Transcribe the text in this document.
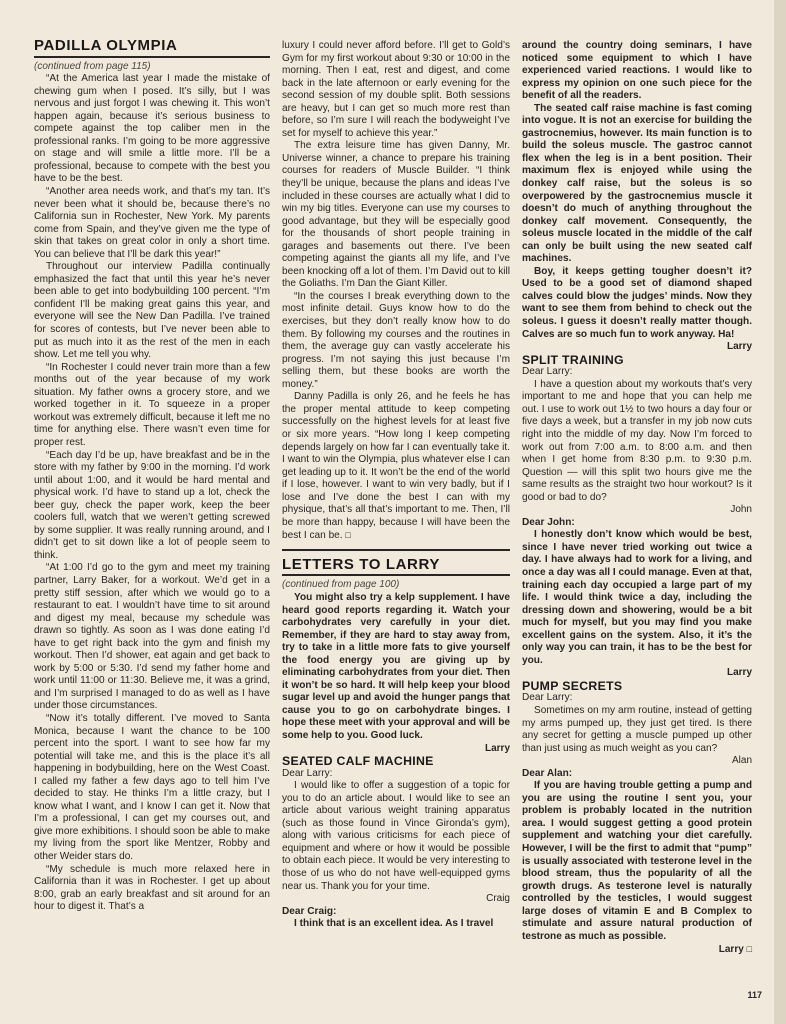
PADILLA OLYMPIA

(continued from page 115)

“At the America last year I made the mistake of chewing gum when I posed. It’s silly, but I was nervous and just forgot I was chewing it. This won’t happen again, because it’s serious business to compete against the top caliber men in the professional ranks. I’m going to be more aggressive on stage and will smile a little more. I’ll be a professional, because to compete with the best you have to be the best.

“Another area needs work, and that’s my tan. It’s never been what it should be, because there’s no California sun in Rochester, New York. My parents come from Spain, and they’ve given me the type of skin that takes on great color in only a short time. You can believe that I’ll be dark this year!”

Throughout our interview Padilla continually emphasized the fact that until this year he’s never been able to get into bodybuilding 100 percent. “I’m confident I’ll be making great gains this year, and everyone will see the New Dan Padilla. I’ve trained for scores of contests, but I’ve never been able to put as much into it as the rest of the men in each show. Let me tell you why.

“In Rochester I could never train more than a few months out of the year because of my work situation. My father owns a grocery store, and we worked together in it. To squeeze in a proper workout was extremely difficult, because it left me no time for anything else. There wasn’t even time for proper rest.

“Each day I’d be up, have breakfast and be in the store with my father by 9:00 in the morning. I’d work until about 1:00, and it would be hard mental and physical work. I’d have to stand up a lot, check the beer guy, check the paper work, keep the beer coolers full, watch that we weren’t getting screwed by some supplier. It was really running around, and I didn’t get to sit down like a lot of people seem to think.

“At 1:00 I’d go to the gym and meet my training partner, Larry Baker, for a workout. We’d get in a pretty stiff session, after which we would go to a restaurant to eat. I wouldn’t have time to sit around and digest my meal, because my schedule was drawn so tightly. As soon as I was done eating I’d have to get right back into the gym and finish my workout. Then I’d shower, eat again and get back to work by 5:00 or 5:30. I’d send my father home and work until 11:00 or 11:30. Believe me, it was a grind, and I’m surprised I managed to do as well as I have under those circumstances.

“Now it’s totally different. I’ve moved to Santa Monica, because I want the chance to be 100 percent into the sport. I want to see how far my potential will take me, and this is the place it’s all happening in bodybuilding, here on the West Coast. I called my father a few days ago to tell him I’ve decided to stay. He thinks I’m a little crazy, but I know what I want, and I know I can get it. Now that I’m a professional, I can get my courses out, and give more exhibitions. I should soon be able to make my living from the sport like Mentzer, Robby and other Weider stars do.

“My schedule is much more relaxed here in California than it was in Rochester. I get up about 8:00, grab an early breakfast and sit around for an hour to digest it. That’s a

luxury I could never afford before. I’ll get to Gold’s Gym for my first workout about 9:30 or 10:00 in the morning. Then I eat, rest and digest, and come back in the late afternoon or early evening for the second session of my double split. Both sessions are heavy, but I can get so much more rest than before, so I’m sure I will reach the bodyweight I’ve set for myself to achieve this year.”

The extra leisure time has given Danny, Mr. Universe winner, a chance to prepare his training courses for readers of Muscle Builder. “I think they’ll be unique, because the plans and ideas I’ve included in these courses are actually what I did to win my big titles. Everyone can use my courses to good advantage, but they will be especially good for the thousands of short people training in garages and basements out there. I’ve been competing against the giants all my life, and I’ve been knocking off a lot of them. I’m David out to kill the Goliaths. I’m Dan the Giant Killer.

“In the courses I break everything down to the most infinite detail. Guys know how to do the exercises, but they don’t really know how to do them. By following my courses and the routines in them, the average guy can vastly accelerate his progress. I’m not saying this just because I’m selling them, but these books are worth the money.”

Danny Padilla is only 26, and he feels he has the proper mental attitude to keep competing successfully on the highest levels for at least five or six more years. “How long I keep competing depends largely on how far I can eventually take it. I want to win the Olympia, plus whatever else I can get leading up to it. It won’t be the end of the world if I lose, however. I want to win very badly, but if I lose and I’ve done the best I can with my physique, that’s all that’s important to me. Then, I’ll be more than happy, because I will have been the best I can be. □

LETTERS TO LARRY

(continued from page 100)

You might also try a kelp supplement. I have heard good reports regarding it. Watch your carbohydrates very carefully in your diet. Remember, if they are hard to stay away from, try to take in a little more fats to give yourself the food energy you are giving up by eliminating carbohydrates from your diet. Then it won’t be so hard. It will help keep your blood sugar level up and avoid the hunger pangs that cause you to go on carbohydrate binges. I hope these meet with your approval and will be some help to you. Good luck.

Larry

SEATED CALF MACHINE

Dear Larry:

I would like to offer a suggestion of a topic for you to do an article about. I would like to see an article about various weight training apparatus (such as those found in Vince Gironda’s gym), along with various criticisms for each piece of equipment and where or how it would be possible to obtain each piece. It would be very interesting to those of us who do not have well-equipped gyms near us. Thank you for your time.

Craig

Dear Craig:

I think that is an excellent idea. As I travel

around the country doing seminars, I have noticed some equipment to which I have experienced varied reactions. I would like to express my opinion on one such piece for the benefit of all the readers.

The seated calf raise machine is fast coming into vogue. It is not an exercise for building the gastrocnemius, however. Its main function is to build the soleus muscle. The gastroc cannot flex when the leg is in a bent position. Their maximum flex is enjoyed while using the donkey calf raise, but the soleus is so overpowered by the gastrocnemius muscle it doesn’t do much of anything throughout the donkey calf movement. Consequently, the soleus muscle located in the middle of the calf can only be built using the new seated calf machines.

Boy, it keeps getting tougher doesn’t it? Used to be a good set of diamond shaped calves could blow the judges’ minds. Now they want to see them from behind to check out the soleus. I guess it doesn’t really matter though. Calves are so much fun to work anyway. Ha!

Larry

SPLIT TRAINING

Dear Larry:

I have a question about my workouts that’s very important to me and hope that you can help me out. I use to work out 1½ to two hours a day four or five days a week, but a transfer in my job now cuts right into the middle of my day. Now I’m forced to work out from 7:00 a.m. to 8:00 a.m. and then when I get home from 8:30 p.m. to 9:30 p.m. Question — will this split two hours give me the same results as the straight two hour workout? Is it good or bad to do?

John

Dear John:

I honestly don’t know which would be best, since I have never tried working out twice a day. I have always had to work for a living, and once a day was all I could manage. Even at that, training each day occupied a large part of my life. I would think twice a day, including the dressing down and showering, would be a bit much for myself, but you may find you make excellent gains on the system. Also, it it’s the only way you can train, it has to be the best for you.

Larry

PUMP SECRETS

Dear Larry:

Sometimes on my arm routine, instead of getting my arms pumped up, they just get tired. Is there any secret for getting a muscle pumped up other than just using as much weight as you can?

Alan

Dear Alan:

If you are having trouble getting a pump and you are using the routine I sent you, your problem is probably located in the nutrition area. I would suggest getting a good protein supplement and watching your diet carefully. However, I will be the first to admit that “pump” is usually associated with testerone level in the blood stream, thus the popularity of all the growth drugs. As testerone level is naturally controlled by the testicles, I would suggest large doses of vitamin E and B Complex to stimulate and assure natural production of testrone as much as possible.

Larry □

117
